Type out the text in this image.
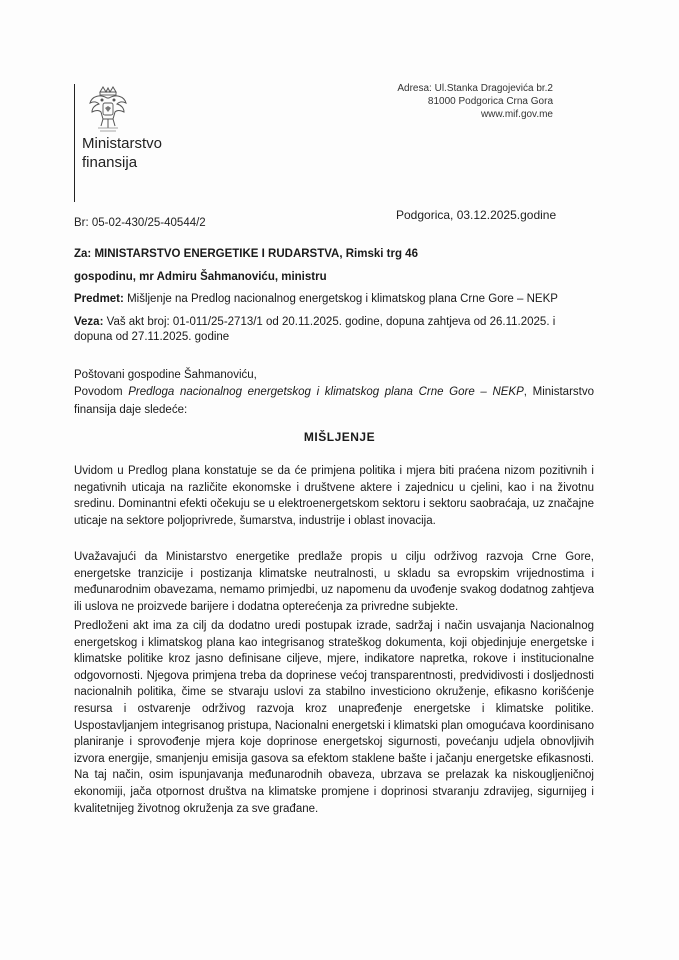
Ministarstvo
finansija
Adresa: Ul.Stanka Dragojevića br.2
81000 Podgorica Crna Gora
www.mif.gov.me
Br: 05-02-430/25-40544/2
Podgorica, 03.12.2025.godine
Za: MINISTARSTVO ENERGETIKE I RUDARSTVA, Rimski trg 46
gospodinu, mr Admiru Šahmanoviću, ministru
Predmet: Mišljenje na Predlog nacionalnog energetskog i klimatskog plana Crne Gore – NEKP
Veza: Vaš akt broj: 01-011/25-2713/1 od 20.11.2025. godine, dopuna zahtjeva od 26.11.2025. i dopuna od 27.11.2025. godine
Poštovani gospodine Šahmanoviću,
Povodom Predloga nacionalnog energetskog i klimatskog plana Crne Gore – NEKP, Ministarstvo finansija daje sledeće:
MIŠLJENJE
Uvidom u Predlog plana konstatuje se da će primjena politika i mjera biti praćena nizom pozitivnih i negativnih uticaja na različite ekonomske i društvene aktere i zajednicu u cjelini, kao i na životnu sredinu. Dominantni efekti očekuju se u elektroenergetskom sektoru i sektoru saobraćaja, uz značajne uticaje na sektore poljoprivrede, šumarstva, industrije i oblast inovacija.
Uvažavajući da Ministarstvo energetike predlaže propis u cilju održivog razvoja Crne Gore, energetske tranzicije i postizanja klimatske neutralnosti, u skladu sa evropskim vrijednostima i međunarodnim obavezama, nemamo primjedbi, uz napomenu da uvođenje svakog dodatnog zahtjeva ili uslova ne proizvede barijere i dodatna opterećenja za privredne subjekte.
Predloženi akt ima za cilj da dodatno uredi postupak izrade, sadržaj i način usvajanja Nacionalnog energetskog i klimatskog plana kao integrisanog strateškog dokumenta, koji objedinjuje energetske i klimatske politike kroz jasno definisane ciljeve, mjere, indikatore napretka, rokove i institucionalne odgovornosti. Njegova primjena treba da doprinese većoj transparentnosti, predvidivosti i dosljednosti nacionalnih politika, čime se stvaraju uslovi za stabilno investiciono okruženje, efikasno korišćenje resursa i ostvarenje održivog razvoja kroz unapređenje energetske i klimatske politike. Uspostavljanjem integrisanog pristupa, Nacionalni energetski i klimatski plan omogućava koordinisano planiranje i sprovođenje mjera koje doprinose energetskoj sigurnosti, povećanju udjela obnovljivih izvora energije, smanjenju emisija gasova sa efektom staklene bašte i jačanju energetske efikasnosti. Na taj način, osim ispunjavanja međunarodnih obaveza, ubrzava se prelazak ka niskougljeničnoj ekonomiji, jača otpornost društva na klimatske promjene i doprinosi stvaranju zdravijeg, sigurnijeg i kvalitetnijeg životnog okruženja za sve građane.
